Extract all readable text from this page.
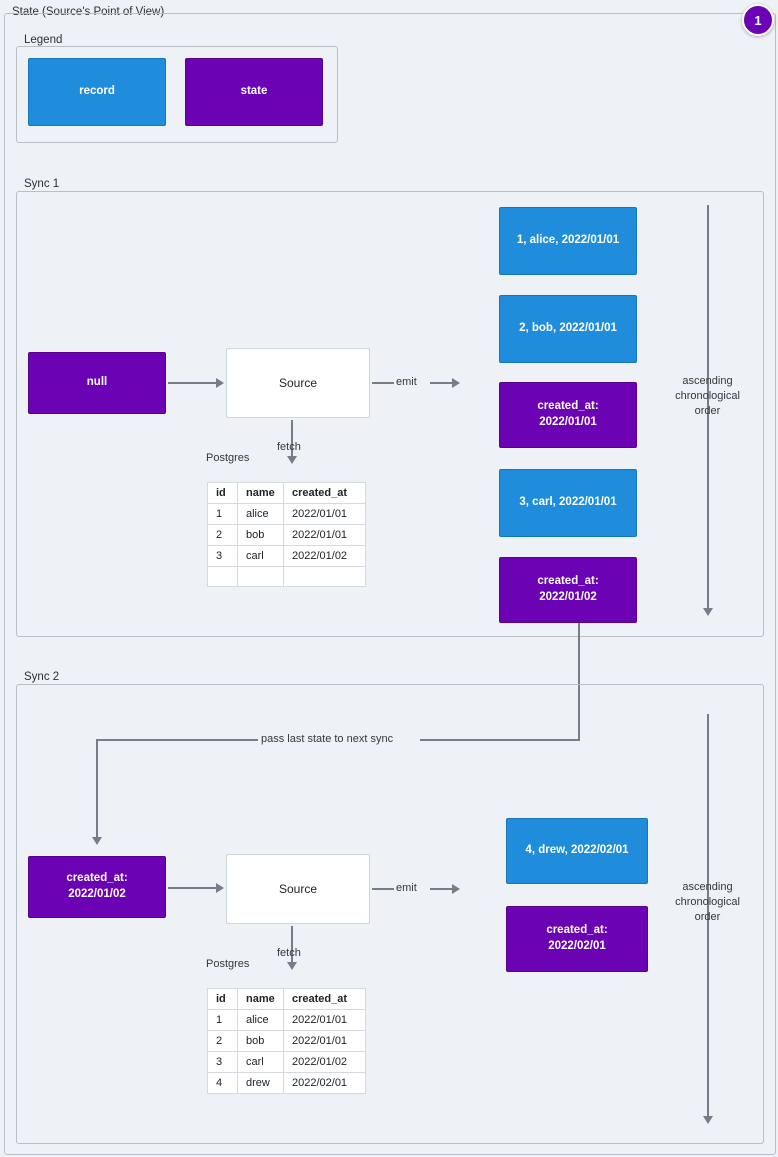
State (Source's Point of View)
1
Legend
record	state
Sync 1
null	Source	emit
fetch
Postgres
id	name	created_at
1	alice	2022/01/01
2	bob	2022/01/01
3	carl	2022/01/02

1, alice, 2022/01/01
2, bob, 2022/01/01
created_at:
2022/01/01
3, carl, 2022/01/01
created_at:
2022/01/02
ascending
chronological
order
pass last state to next sync
Sync 2
created_at:
2022/01/02	Source	emit
fetch
Postgres
id	name	created_at
1	alice	2022/01/01
2	bob	2022/01/01
3	carl	2022/01/02
4	drew	2022/02/01
4, drew, 2022/02/01
created_at:
2022/02/01
ascending
chronological
order
